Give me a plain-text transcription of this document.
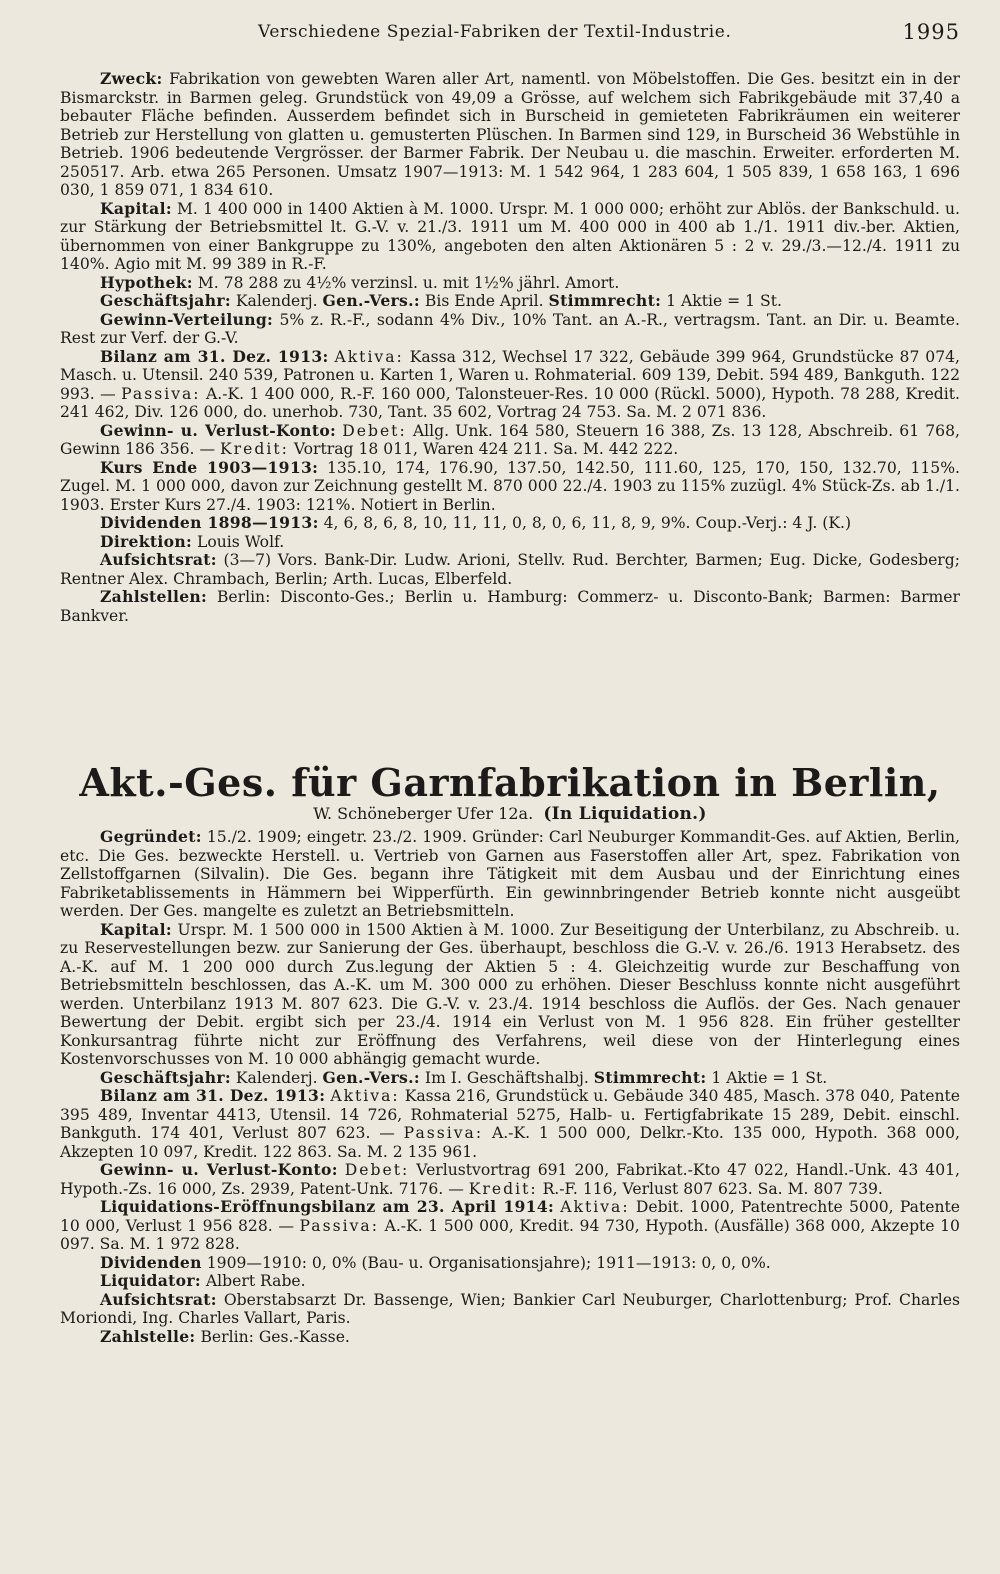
Verschiedene Spezial-Fabriken der Textil-Industrie.	1995

Zweck: Fabrikation von gewebten Waren aller Art, namentl. von Möbelstoffen. Die Ges. besitzt ein in der Bismarckstr. in Barmen geleg. Grundstück von 49,09 a Grösse, auf welchem sich Fabrikgebäude mit 37,40 a bebauter Fläche befinden. Ausserdem befindet sich in Burscheid in gemieteten Fabrikräumen ein weiterer Betrieb zur Herstellung von glatten u. gemusterten Plüschen. In Barmen sind 129, in Burscheid 36 Webstühle in Betrieb. 1906 bedeutende Vergrösser. der Barmer Fabrik. Der Neubau u. die maschin. Erweiter. erforderten M. 250517. Arb. etwa 265 Personen. Umsatz 1907—1913: M. 1 542 964, 1 283 604, 1 505 839, 1 658 163, 1 696 030, 1 859 071, 1 834 610.

Kapital: M. 1 400 000 in 1400 Aktien à M. 1000. Urspr. M. 1 000 000; erhöht zur Ablös. der Bankschuld. u. zur Stärkung der Betriebsmittel lt. G.-V. v. 21./3. 1911 um M. 400 000 in 400 ab 1./1. 1911 div.-ber. Aktien, übernommen von einer Bankgruppe zu 130%, angeboten den alten Aktionären 5 : 2 v. 29./3.—12./4. 1911 zu 140%. Agio mit M. 99 389 in R.-F.

Hypothek: M. 78 288 zu 4½% verzinsl. u. mit 1½% jährl. Amort.

Geschäftsjahr: Kalenderj. Gen.-Vers.: Bis Ende April. Stimmrecht: 1 Aktie = 1 St.

Gewinn-Verteilung: 5% z. R.-F., sodann 4% Div., 10% Tant. an A.-R., vertragsm. Tant. an Dir. u. Beamte. Rest zur Verf. der G.-V.

Bilanz am 31. Dez. 1913: Aktiva: Kassa 312, Wechsel 17 322, Gebäude 399 964, Grundstücke 87 074, Masch. u. Utensil. 240 539, Patronen u. Karten 1, Waren u. Rohmaterial. 609 139, Debit. 594 489, Bankguth. 122 993. — Passiva: A.-K. 1 400 000, R.-F. 160 000, Talonsteuer-Res. 10 000 (Rückl. 5000), Hypoth. 78 288, Kredit. 241 462, Div. 126 000, do. unerhob. 730, Tant. 35 602, Vortrag 24 753. Sa. M. 2 071 836.

Gewinn- u. Verlust-Konto: Debet: Allg. Unk. 164 580, Steuern 16 388, Zs. 13 128, Abschreib. 61 768, Gewinn 186 356. — Kredit: Vortrag 18 011, Waren 424 211. Sa. M. 442 222.

Kurs Ende 1903—1913: 135.10, 174, 176.90, 137.50, 142.50, 111.60, 125, 170, 150, 132.70, 115%. Zugel. M. 1 000 000, davon zur Zeichnung gestellt M. 870 000 22./4. 1903 zu 115% zuzügl. 4% Stück-Zs. ab 1./1. 1903. Erster Kurs 27./4. 1903: 121%. Notiert in Berlin.

Dividenden 1898—1913: 4, 6, 8, 6, 8, 10, 11, 11, 0, 8, 0, 6, 11, 8, 9, 9%. Coup.-Verj.: 4 J. (K.)

Direktion: Louis Wolf.

Aufsichtsrat: (3—7) Vors. Bank-Dir. Ludw. Arioni, Stellv. Rud. Berchter, Barmen; Eug. Dicke, Godesberg; Rentner Alex. Chrambach, Berlin; Arth. Lucas, Elberfeld.

Zahlstellen: Berlin: Disconto-Ges.; Berlin u. Hamburg: Commerz- u. Disconto-Bank; Barmen: Barmer Bankver.

Akt.-Ges. für Garnfabrikation in Berlin,
W. Schöneberger Ufer 12a. (In Liquidation.)

Gegründet: 15./2. 1909; eingetr. 23./2. 1909. Gründer: Carl Neuburger Kommandit-Ges. auf Aktien, Berlin, etc. Die Ges. bezweckte Herstell. u. Vertrieb von Garnen aus Faserstoffen aller Art, spez. Fabrikation von Zellstoffgarnen (Silvalin). Die Ges. begann ihre Tätigkeit mit dem Ausbau und der Einrichtung eines Fabriketablissements in Hämmern bei Wipperfürth. Ein gewinnbringender Betrieb konnte nicht ausgeübt werden. Der Ges. mangelte es zuletzt an Betriebsmitteln.

Kapital: Urspr. M. 1 500 000 in 1500 Aktien à M. 1000. Zur Beseitigung der Unterbilanz, zu Abschreib. u. zu Reservestellungen bezw. zur Sanierung der Ges. überhaupt, beschloss die G.-V. v. 26./6. 1913 Herabsetz. des A.-K. auf M. 1 200 000 durch Zus.legung der Aktien 5 : 4. Gleichzeitig wurde zur Beschaffung von Betriebsmitteln beschlossen, das A.-K. um M. 300 000 zu erhöhen. Dieser Beschluss konnte nicht ausgeführt werden. Unterbilanz 1913 M. 807 623. Die G.-V. v. 23./4. 1914 beschloss die Auflös. der Ges. Nach genauer Bewertung der Debit. ergibt sich per 23./4. 1914 ein Verlust von M. 1 956 828. Ein früher gestellter Konkursantrag führte nicht zur Eröffnung des Verfahrens, weil diese von der Hinterlegung eines Kostenvorschusses von M. 10 000 abhängig gemacht wurde.

Geschäftsjahr: Kalenderj. Gen.-Vers.: Im I. Geschäftshalbj. Stimmrecht: 1 Aktie = 1 St.

Bilanz am 31. Dez. 1913: Aktiva: Kassa 216, Grundstück u. Gebäude 340 485, Masch. 378 040, Patente 395 489, Inventar 4413, Utensil. 14 726, Rohmaterial 5275, Halb- u. Fertigfabrikate 15 289, Debit. einschl. Bankguth. 174 401, Verlust 807 623. — Passiva: A.-K. 1 500 000, Delkr.-Kto. 135 000, Hypoth. 368 000, Akzepten 10 097, Kredit. 122 863. Sa. M. 2 135 961.

Gewinn- u. Verlust-Konto: Debet: Verlustvortrag 691 200, Fabrikat.-Kto 47 022, Handl.-Unk. 43 401, Hypoth.-Zs. 16 000, Zs. 2939, Patent-Unk. 7176. — Kredit: R.-F. 116, Verlust 807 623. Sa. M. 807 739.

Liquidations-Eröffnungsbilanz am 23. April 1914: Aktiva: Debit. 1000, Patentrechte 5000, Patente 10 000, Verlust 1 956 828. — Passiva: A.-K. 1 500 000, Kredit. 94 730, Hypoth. (Ausfälle) 368 000, Akzepte 10 097. Sa. M. 1 972 828.

Dividenden 1909—1910: 0, 0% (Bau- u. Organisationsjahre); 1911—1913: 0, 0, 0%.

Liquidator: Albert Rabe.

Aufsichtsrat: Oberstabsarzt Dr. Bassenge, Wien; Bankier Carl Neuburger, Charlottenburg; Prof. Charles Moriondi, Ing. Charles Vallart, Paris.

Zahlstelle: Berlin: Ges.-Kasse.
